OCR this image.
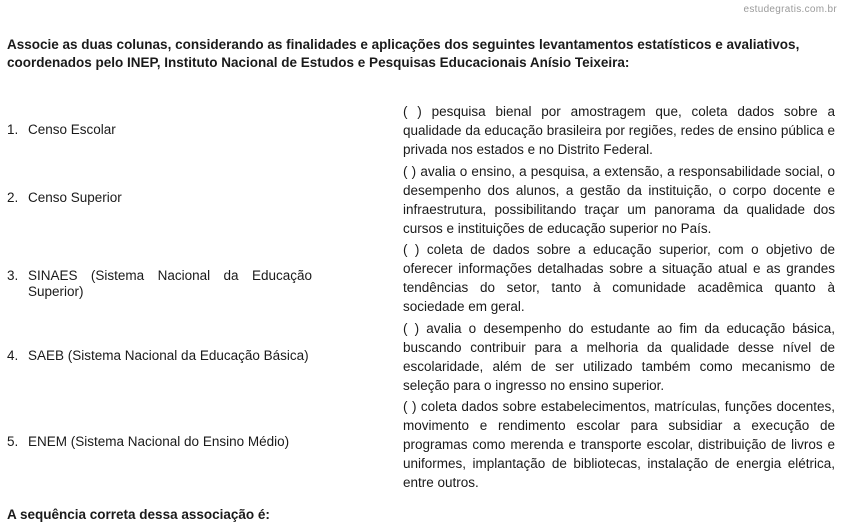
estudegratis.com.br
Associe as duas colunas, considerando as finalidades e aplicações dos seguintes levantamentos estatísticos e avaliativos, coordenados pelo INEP, Instituto Nacional de Estudos e Pesquisas Educacionais Anísio Teixeira:
1. Censo Escolar
( ) pesquisa bienal por amostragem que, coleta dados sobre a qualidade da educação brasileira por regiões, redes de ensino pública e privada nos estados e no Distrito Federal.
2. Censo Superior
( ) avalia o ensino, a pesquisa, a extensão, a responsabilidade social, o desempenho dos alunos, a gestão da instituição, o corpo docente e infraestrutura, possibilitando traçar um panorama da qualidade dos cursos e instituições de educação superior no País.
3. SINAES (Sistema Nacional da Educação Superior)
( ) coleta de dados sobre a educação superior, com o objetivo de oferecer informações detalhadas sobre a situação atual e as grandes tendências do setor, tanto à comunidade acadêmica quanto à sociedade em geral.
4. SAEB (Sistema Nacional da Educação Básica)
( ) avalia o desempenho do estudante ao fim da educação básica, buscando contribuir para a melhoria da qualidade desse nível de escolaridade, além de ser utilizado também como mecanismo de seleção para o ingresso no ensino superior.
5. ENEM (Sistema Nacional do Ensino Médio)
( ) coleta dados sobre estabelecimentos, matrículas, funções docentes, movimento e rendimento escolar para subsidiar a execução de programas como merenda e transporte escolar, distribuição de livros e uniformes, implantação de bibliotecas, instalação de energia elétrica, entre outros.
A sequência correta dessa associação é:
